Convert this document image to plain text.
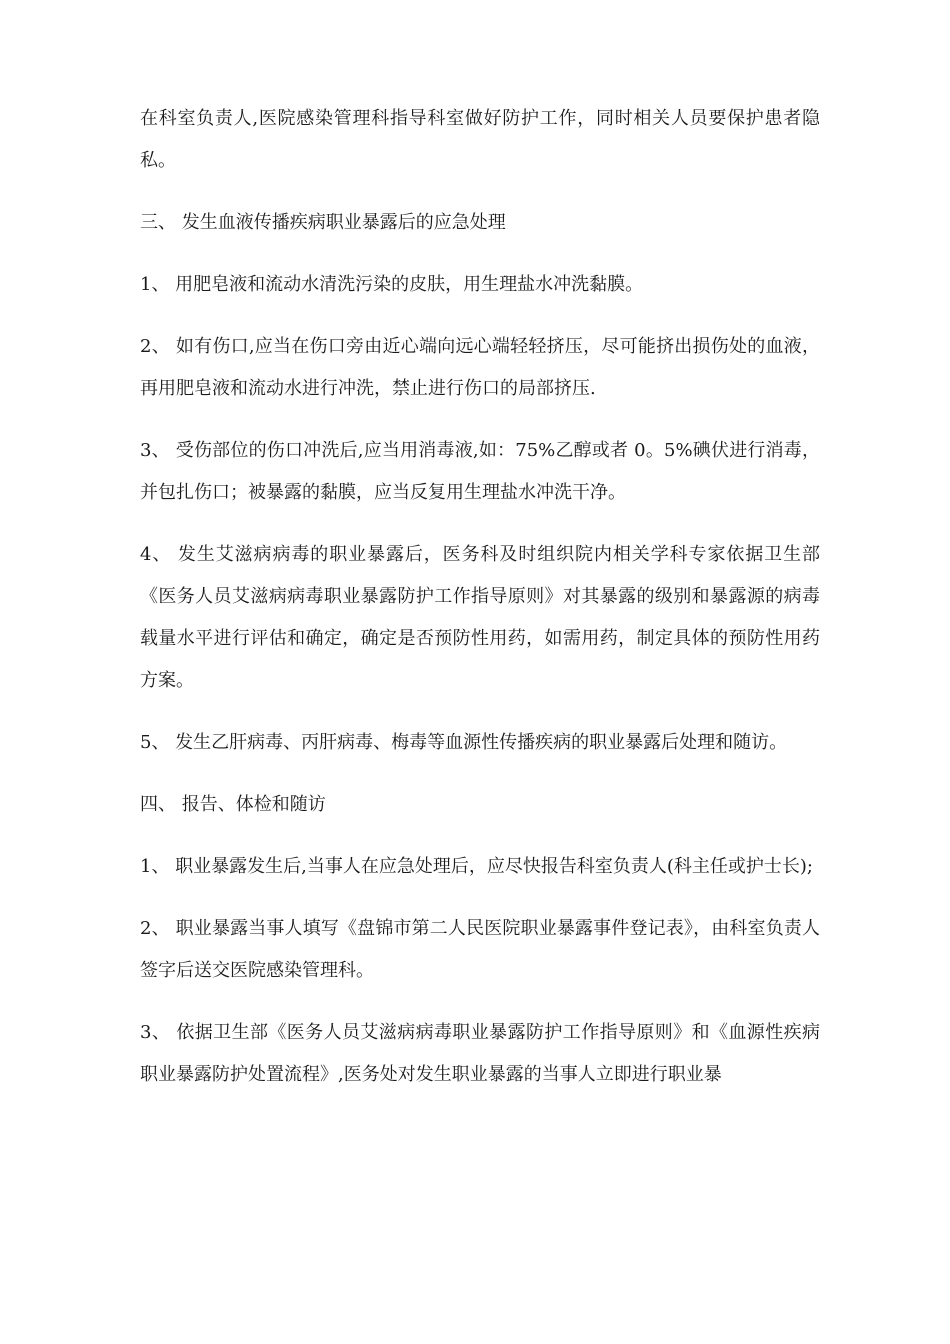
在科室负责人,医院感染管理科指导科室做好防护工作，同时相关人员要保护患者隐私。

三、 发生血液传播疾病职业暴露后的应急处理

1、 用肥皂液和流动水清洗污染的皮肤，用生理盐水冲洗黏膜。

2、 如有伤口,应当在伤口旁由近心端向远心端轻轻挤压，尽可能挤出损伤处的血液，再用肥皂液和流动水进行冲洗，禁止进行伤口的局部挤压.

3、 受伤部位的伤口冲洗后,应当用消毒液,如：75%乙醇或者 0。5%碘伏进行消毒，并包扎伤口；被暴露的黏膜，应当反复用生理盐水冲洗干净。

4、 发生艾滋病病毒的职业暴露后，医务科及时组织院内相关学科专家依据卫生部《医务人员艾滋病病毒职业暴露防护工作指导原则》对其暴露的级别和暴露源的病毒载量水平进行评估和确定，确定是否预防性用药，如需用药，制定具体的预防性用药方案。

5、 发生乙肝病毒、丙肝病毒、梅毒等血源性传播疾病的职业暴露后处理和随访。

四、 报告、体检和随访

1、 职业暴露发生后,当事人在应急处理后，应尽快报告科室负责人(科主任或护士长);

2、 职业暴露当事人填写《盘锦市第二人民医院职业暴露事件登记表》，由科室负责人签字后送交医院感染管理科。

3、 依据卫生部《医务人员艾滋病病毒职业暴露防护工作指导原则》和《血源性疾病职业暴露防护处置流程》,医务处对发生职业暴露的当事人立即进行职业暴
